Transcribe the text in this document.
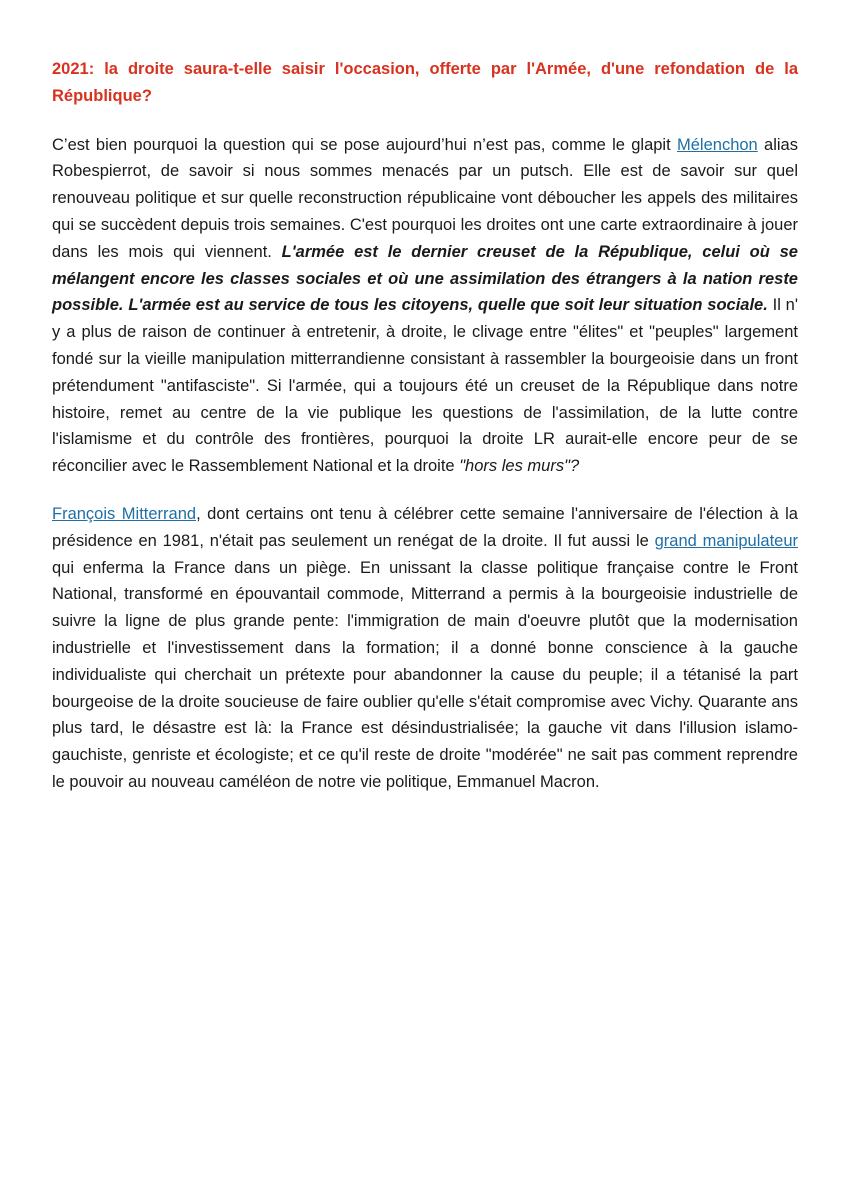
2021: la droite saura-t-elle saisir l'occasion, offerte par l'Armée, d'une refondation de la République?

C’est bien pourquoi la question qui se pose aujourd’hui n’est pas, comme le glapit Mélenchon alias Robespierrot, de savoir si nous sommes menacés par un putsch. Elle est de savoir sur quel renouveau politique et sur quelle reconstruction républicaine vont déboucher les appels des militaires qui se succèdent depuis trois semaines. C'est pourquoi les droites ont une carte extraordinaire à jouer dans les mois qui viennent. L'armée est le dernier creuset de la République, celui où se mélangent encore les classes sociales et où une assimilation des étrangers à la nation reste possible. L'armée est au service de tous les citoyens, quelle que soit leur situation sociale. Il n' y a plus de raison de continuer à entretenir, à droite, le clivage entre "élites" et "peuples" largement fondé sur la vieille manipulation mitterrandienne consistant à rassembler la bourgeoisie dans un front prétendument "antifasciste". Si l'armée, qui a toujours été un creuset de la République dans notre histoire, remet au centre de la vie publique les questions de l'assimilation, de la lutte contre l'islamisme et du contrôle des frontières, pourquoi la droite LR aurait-elle encore peur de se réconcilier avec le Rassemblement National et la droite "hors les murs"?

François Mitterrand, dont certains ont tenu à célébrer cette semaine l'anniversaire de l'élection à la présidence en 1981, n'était pas seulement un renégat de la droite. Il fut aussi le grand manipulateur qui enferma la France dans un piège. En unissant la classe politique française contre le Front National, transformé en épouvantail commode, Mitterrand a permis à la bourgeoisie industrielle de suivre la ligne de plus grande pente: l'immigration de main d'oeuvre plutôt que la modernisation industrielle et l'investissement dans la formation; il a donné bonne conscience à la gauche individualiste qui cherchait un prétexte pour abandonner la cause du peuple; il a tétanisé la part bourgeoise de la droite soucieuse de faire oublier qu'elle s'était compromise avec Vichy. Quarante ans plus tard, le désastre est là: la France est désindustrialisée; la gauche vit dans l'illusion islamo-gauchiste, genriste et écologiste; et ce qu'il reste de droite "modérée" ne sait pas comment reprendre le pouvoir au nouveau caméléon de notre vie politique, Emmanuel Macron.
